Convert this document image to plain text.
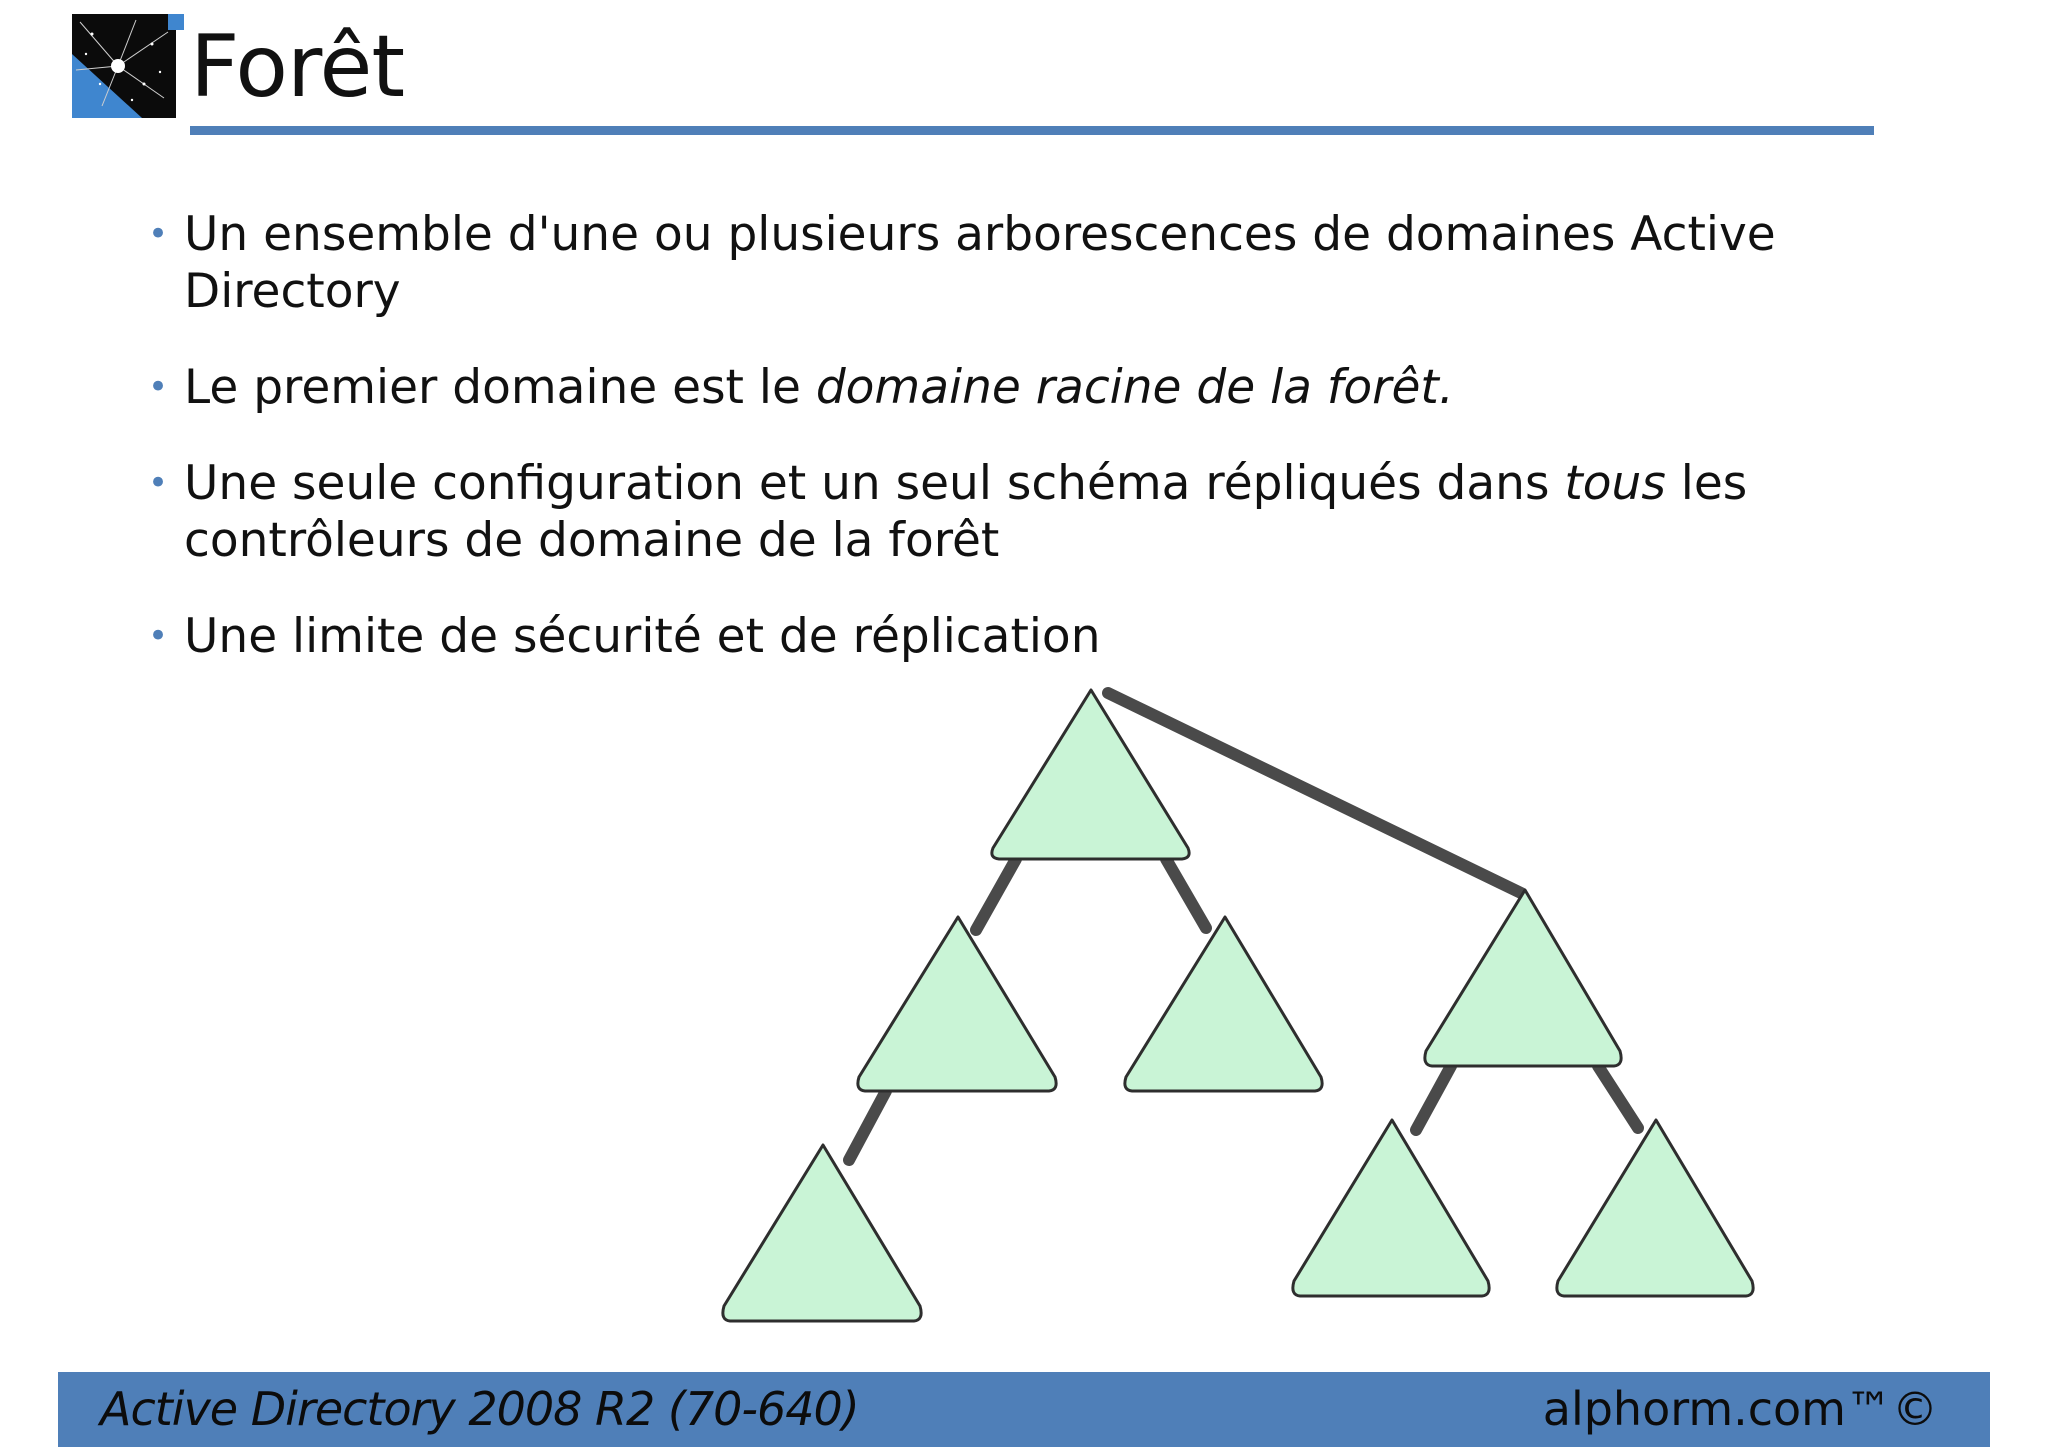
Forêt
• Un ensemble d'une ou plusieurs arborescences de domaines Active Directory
• Le premier domaine est le domaine racine de la forêt.
• Une seule configuration et un seul schéma répliqués dans tous les contrôleurs de domaine de la forêt
• Une limite de sécurité et de réplication
Active Directory 2008 R2 (70-640)	alphorm.com™©
